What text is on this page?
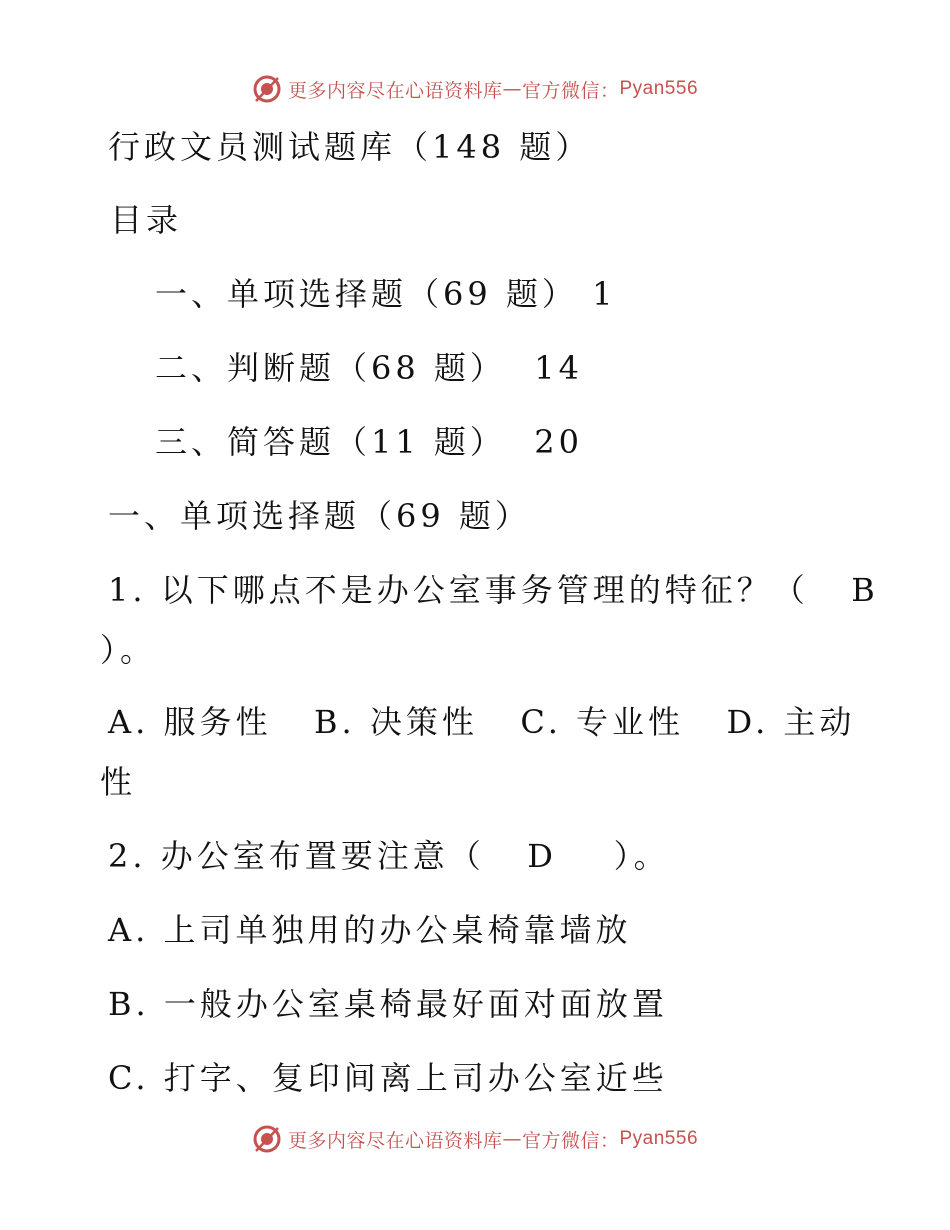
更多内容尽在心语资料库 — 官方微信： Pyan556
行政文员测试题库（148 题）
目录
一、单项选择题（69 题） 1
二、判断题（68 题）  14
三、简答题（11 题）  20
一、单项选择题（69 题）
1. 以下哪点不是办公室事务管理的特征？（   B
）。
A. 服务性   B. 决策性   C. 专业性   D. 主动
性
2. 办公室布置要注意（   D    ）。
A. 上司单独用的办公桌椅靠墙放
B. 一般办公室桌椅最好面对面放置
C. 打字、复印间离上司办公室近些
更多内容尽在心语资料库 — 官方微信： Pyan556
